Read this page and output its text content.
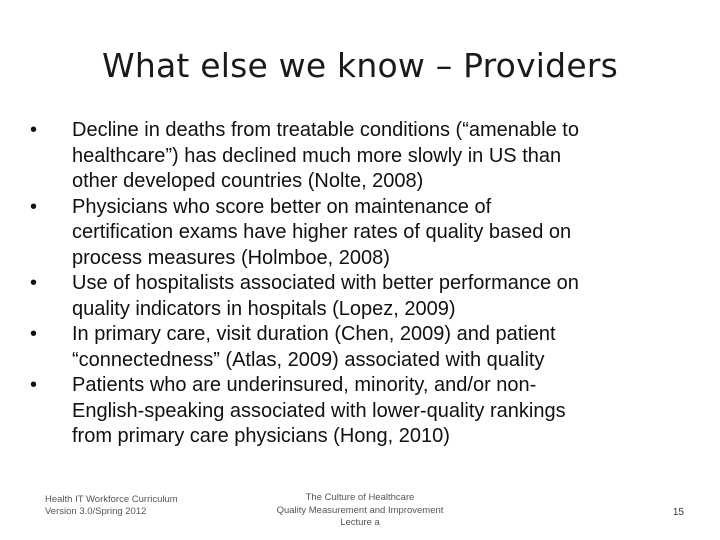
What else we know – Providers
•	Decline in deaths from treatable conditions (“amenable to
healthcare”) has declined much more slowly in US than
other developed countries (Nolte, 2008)
•	Physicians who score better on maintenance of
certification exams have higher rates of quality based on
process measures (Holmboe, 2008)
•	Use of hospitalists associated with better performance on
quality indicators in hospitals (Lopez, 2009)
•	In primary care, visit duration (Chen, 2009) and patient
“connectedness” (Atlas, 2009) associated with quality
•	Patients who are underinsured, minority, and/or non-
English-speaking associated with lower-quality rankings
from primary care physicians (Hong, 2010)
Health IT Workforce Curriculum
Version 3.0/Spring 2012
The Culture of Healthcare
Quality Measurement and Improvement
Lecture a
15
